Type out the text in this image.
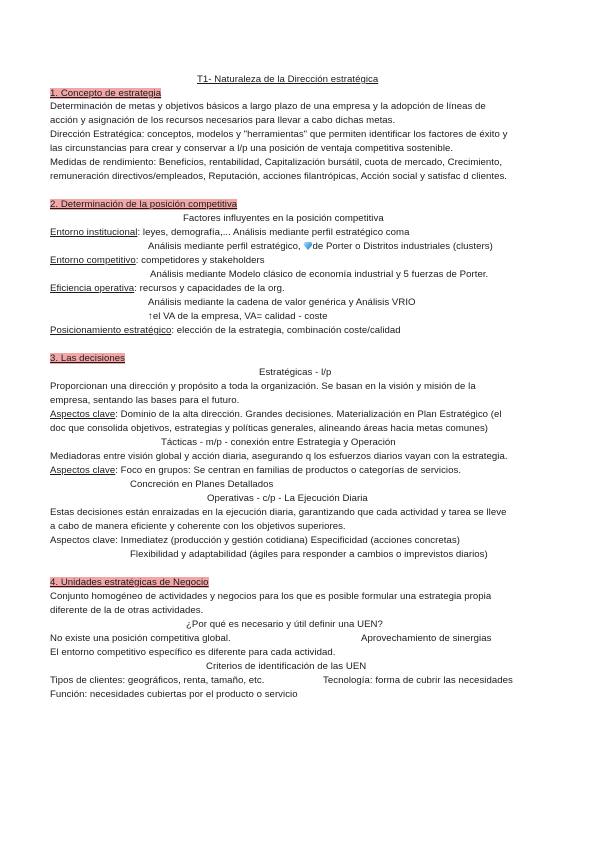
T1- Naturaleza de la Dirección estratégica
1. Concepto de estrategia
Determinación de metas y objetivos básicos a largo plazo de una empresa y la adopción de líneas de
acción y asignación de los recursos necesarios para llevar a cabo dichas metas.
Dirección Estratégica: conceptos, modelos y "herramientas" que permiten identificar los factores de éxito y
las circunstancias para crear y conservar a l/p una posición de ventaja competitiva sostenible.
Medidas de rendimiento: Beneficios, rentabilidad, Capitalización bursátil, cuota de mercado, Crecimiento,
remuneración directivos/empleados, Reputación, acciones filantrópicas, Acción social y satisfac d clientes.
2. Determinación de la posición competitiva
Factores influyentes en la posición competitiva
Entorno institucional: leyes, demografía,... Análisis mediante perfil estratégico coma
Análisis mediante perfil estratégico, de Porter o Distritos industriales (clusters)
Entorno competitivo: competidores y stakeholders
Análisis mediante Modelo clásico de economía industrial y 5 fuerzas de Porter.
Eficiencia operativa: recursos y capacidades de la org.
Análisis mediante la cadena de valor genérica y Análisis VRIO
↑el VA de la empresa, VA= calidad - coste
Posicionamiento estratégico: elección de la estrategia, combinación coste/calidad
3. Las decisiones
Estratégicas - l/p
Proporcionan una dirección y propósito a toda la organización. Se basan en la visión y misión de la
empresa, sentando las bases para el futuro.
Aspectos clave: Dominio de la alta dirección. Grandes decisiones. Materialización en Plan Estratégico (el
doc que consolida objetivos, estrategias y políticas generales, alineando áreas hacia metas comunes)
Tácticas - m/p - conexión entre Estrategia y Operación
Mediadoras entre visión global y acción diaria, asegurando q los esfuerzos diarios vayan con la estrategia.
Aspectos clave: Foco en grupos: Se centran en familias de productos o categorías de servicios.
Concreción en Planes Detallados
Operativas - c/p - La Ejecución Diaria
Estas decisiones están enraizadas en la ejecución diaria, garantizando que cada actividad y tarea se lleve
a cabo de manera eficiente y coherente con los objetivos superiores.
Aspectos clave: Inmediatez (producción y gestión cotidiana) Especificidad (acciones concretas)
Flexibilidad y adaptabilidad (ágiles para responder a cambios o imprevistos diarios)
4. Unidades estratégicas de Negocio
Conjunto homogéneo de actividades y negocios para los que es posible formular una estrategia propia
diferente de la de otras actividades.
¿Por qué es necesario y útil definir una UEN?
No existe una posición competitiva global.	Aprovechamiento de sinergias
El entorno competitivo específico es diferente para cada actividad.
Criterios de identificación de las UEN
Tipos de clientes: geográficos, renta, tamaño, etc.	Tecnología: forma de cubrir las necesidades
Función: necesidades cubiertas por el producto o servicio
